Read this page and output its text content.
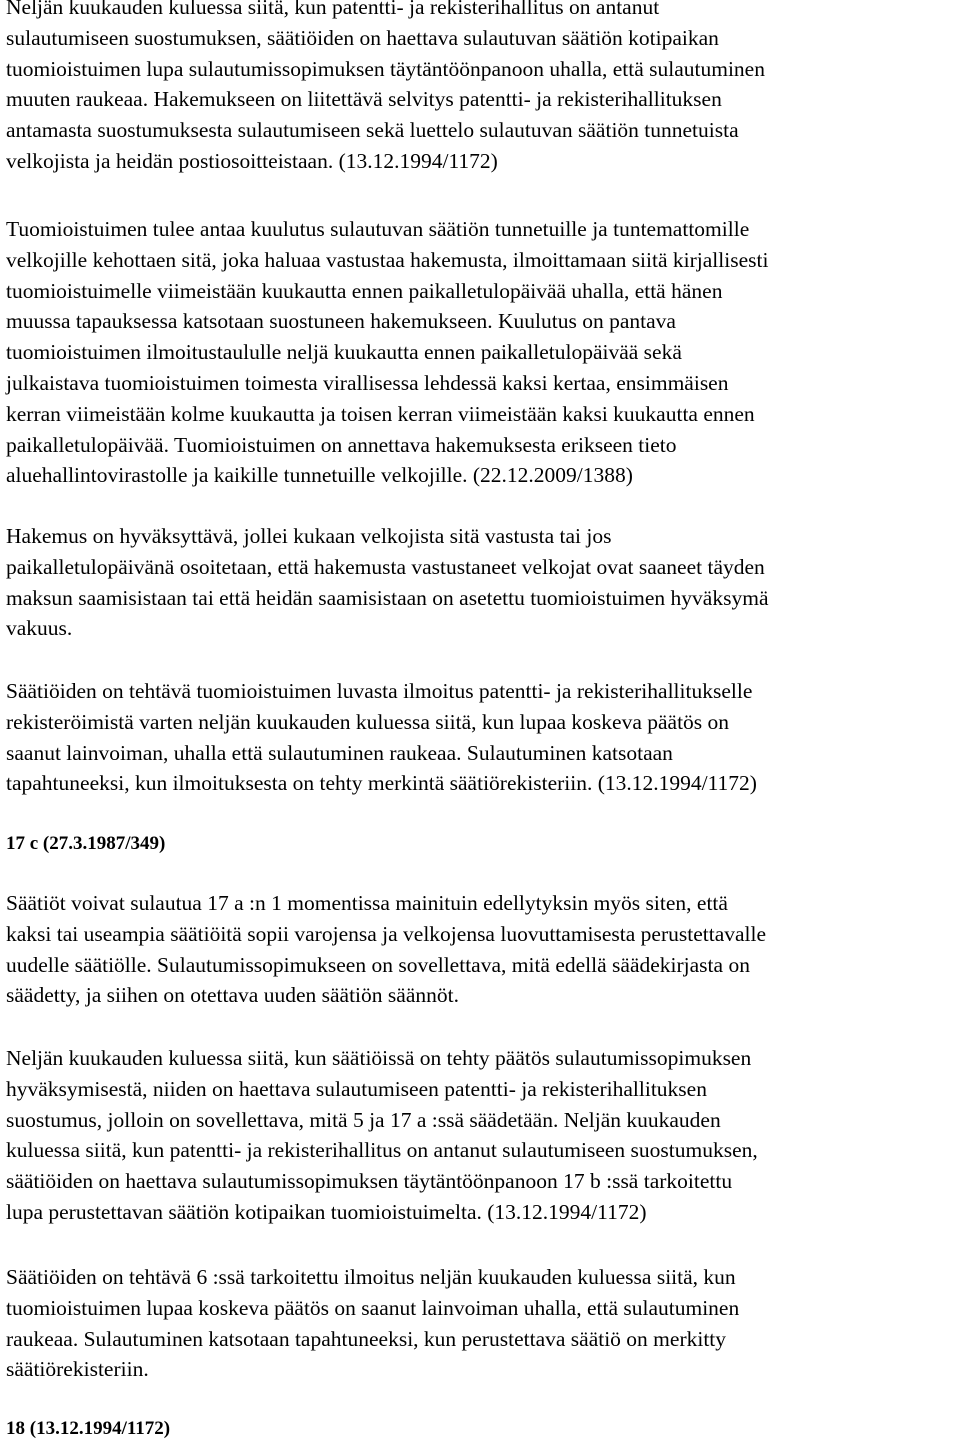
Neljän kuukauden kuluessa siitä, kun patentti- ja rekisterihallitus on antanut
sulautumiseen suostumuksen, säätiöiden on haettava sulautuvan säätiön kotipaikan
tuomioistuimen lupa sulautumissopimuksen täytäntöönpanoon uhalla, että sulautuminen
muuten raukeaa. Hakemukseen on liitettävä selvitys patentti- ja rekisterihallituksen
antamasta suostumuksesta sulautumiseen sekä luettelo sulautuvan säätiön tunnetuista
velkojista ja heidän postiosoitteistaan. (13.12.1994/1172)

Tuomioistuimen tulee antaa kuulutus sulautuvan säätiön tunnetuille ja tuntemattomille
velkojille kehottaen sitä, joka haluaa vastustaa hakemusta, ilmoittamaan siitä kirjallisesti
tuomioistuimelle viimeistään kuukautta ennen paikalletulopäivää uhalla, että hänen
muussa tapauksessa katsotaan suostuneen hakemukseen. Kuulutus on pantava
tuomioistuimen ilmoitustaululle neljä kuukautta ennen paikalletulopäivää sekä
julkaistava tuomioistuimen toimesta virallisessa lehdessä kaksi kertaa, ensimmäisen
kerran viimeistään kolme kuukautta ja toisen kerran viimeistään kaksi kuukautta ennen
paikalletulopäivää. Tuomioistuimen on annettava hakemuksesta erikseen tieto
aluehallintovirastolle ja kaikille tunnetuille velkojille. (22.12.2009/1388)

Hakemus on hyväksyttävä, jollei kukaan velkojista sitä vastusta tai jos
paikalletulopäivänä osoitetaan, että hakemusta vastustaneet velkojat ovat saaneet täyden
maksun saamisistaan tai että heidän saamisistaan on asetettu tuomioistuimen hyväksymä
vakuus.

Säätiöiden on tehtävä tuomioistuimen luvasta ilmoitus patentti- ja rekisterihallitukselle
rekisteröimistä varten neljän kuukauden kuluessa siitä, kun lupaa koskeva päätös on
saanut lainvoiman, uhalla että sulautuminen raukeaa. Sulautuminen katsotaan
tapahtuneeksi, kun ilmoituksesta on tehty merkintä säätiörekisteriin. (13.12.1994/1172)

17 c (27.3.1987/349)

Säätiöt voivat sulautua 17 a :n 1 momentissa mainituin edellytyksin myös siten, että
kaksi tai useampia säätiöitä sopii varojensa ja velkojensa luovuttamisesta perustettavalle
uudelle säätiölle. Sulautumissopimukseen on sovellettava, mitä edellä säädekirjasta on
säädetty, ja siihen on otettava uuden säätiön säännöt.

Neljän kuukauden kuluessa siitä, kun säätiöissä on tehty päätös sulautumissopimuksen
hyväksymisestä, niiden on haettava sulautumiseen patentti- ja rekisterihallituksen
suostumus, jolloin on sovellettava, mitä 5 ja 17 a :ssä säädetään. Neljän kuukauden
kuluessa siitä, kun patentti- ja rekisterihallitus on antanut sulautumiseen suostumuksen,
säätiöiden on haettava sulautumissopimuksen täytäntöönpanoon 17 b :ssä tarkoitettu
lupa perustettavan säätiön kotipaikan tuomioistuimelta. (13.12.1994/1172)

Säätiöiden on tehtävä 6 :ssä tarkoitettu ilmoitus neljän kuukauden kuluessa siitä, kun
tuomioistuimen lupaa koskeva päätös on saanut lainvoiman uhalla, että sulautuminen
raukeaa. Sulautuminen katsotaan tapahtuneeksi, kun perustettava säätiö on merkitty
säätiörekisteriin.

18 (13.12.1994/1172)
